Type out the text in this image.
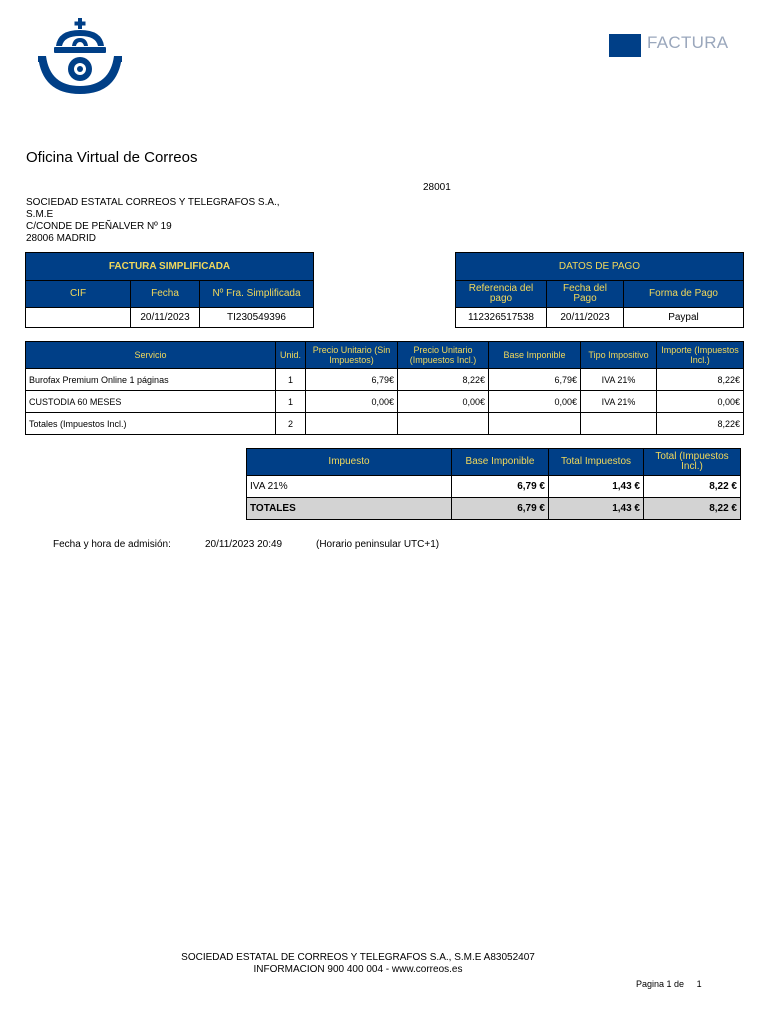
FACTURA
Oficina Virtual de Correos
28001
SOCIEDAD ESTATAL CORREOS Y TELEGRAFOS S.A.,
S.M.E
C/CONDE DE PEÑALVER Nº 19
28006 MADRID
FACTURA SIMPLIFICADA		
CIF	Fecha	Nº Fra. Simplificada
	20/11/2023	TI230549396
DATOS DE PAGO		
Referencia del pago	Fecha del Pago	Forma de Pago
112326517538	20/11/2023	Paypal
Servicio	Unid.	Precio Unitario (Sin Impuestos)	Precio Unitario (Impuestos Incl.)	Base Imponible	Tipo Impositivo	Importe (Impuestos Incl.)
Burofax Premium Online 1 páginas	1	6,79€	8,22€	6,79€	IVA 21%	8,22€
CUSTODIA 60 MESES	1	0,00€	0,00€	0,00€	IVA 21%	0,00€
Totales (Impuestos Incl.)	2					8,22€
Impuesto	Base Imponible	Total Impuestos	Total (Impuestos Incl.)
IVA 21%	6,79 €	1,43 €	8,22 €
TOTALES	6,79 €	1,43 €	8,22 €
Fecha y hora de admisión:	20/11/2023 20:49	(Horario peninsular UTC+1)
SOCIEDAD ESTATAL DE CORREOS Y TELEGRAFOS S.A., S.M.E A83052407
INFORMACION 900 400 004 - www.correos.es
Pagina 1 de 1
